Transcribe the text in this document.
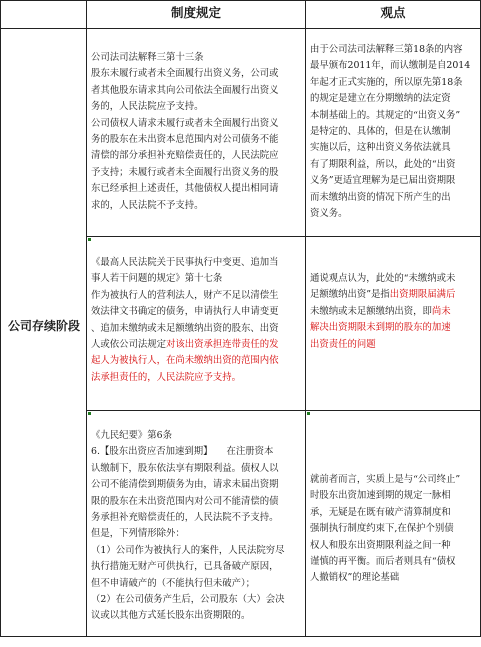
制度规定	观点
公司存续阶段
公司法司法解释三第十三条
股东未履行或者未全面履行出资义务，公司或
者其他股东请求其向公司依法全面履行出资义
务的，人民法院应予支持。
公司债权人请求未履行或者未全面履行出资义
务的股东在未出资本息范围内对公司债务不能
清偿的部分承担补充赔偿责任的，人民法院应
予支持；未履行或者未全面履行出资义务的股
东已经承担上述责任，其他债权人提出相同请
求的，人民法院不予支持。
由于公司法司法解释三第18条的内容
最早颁布2011年，而认缴制是自2014
年起才正式实施的，所以原先第18条
的规定是建立在分期缴纳的法定资
本制基础上的。其规定的“出资义务”
是特定的、具体的，但是在认缴制
实施以后，这种出资义务依法就具
有了期限利益，所以，此处的“出资
义务”更适宜理解为是已届出资期限
而未缴纳出资的情况下所产生的出
资义务。
《最高人民法院关于民事执行中变更、追加当
事人若干问题的规定》第十七条
作为被执行人的营利法人，财产不足以清偿生
效法律文书确定的债务，申请执行人申请变更
、追加未缴纳或未足额缴纳出资的股东、出资
人或依公司法规定对该出资承担连带责任的发
起人为被执行人，在尚未缴纳出资的范围内依
法承担责任的，人民法院应予支持。
通说观点认为，此处的“未缴纳或未
足额缴纳出资”是指出资期限届满后
未缴纳或未足额缴纳出资，即尚未
解决出资期限未到期的股东的加速
出资责任的问题
《九民纪要》第6条
6.【股东出资应否加速到期】　　在注册资本
认缴制下，股东依法享有期限利益。债权人以
公司不能清偿到期债务为由，请求未届出资期
限的股东在未出资范围内对公司不能清偿的债
务承担补充赔偿责任的，人民法院不予支持。
但是，下列情形除外：
（1）公司作为被执行人的案件，人民法院穷尽
执行措施无财产可供执行，已具备破产原因，
但不申请破产的（不能执行但未破产）；
（2）在公司债务产生后，公司股东（大）会决
议或以其他方式延长股东出资期限的。
就前者而言，实质上是与“公司终止”
时股东出资加速到期的规定一脉相
承，无疑是在既有破产清算制度和
强制执行制度约束下,在保护个别债
权人和股东出资期限利益之间一种
谨慎的再平衡。而后者则具有“债权
人撤销权”的理论基础
